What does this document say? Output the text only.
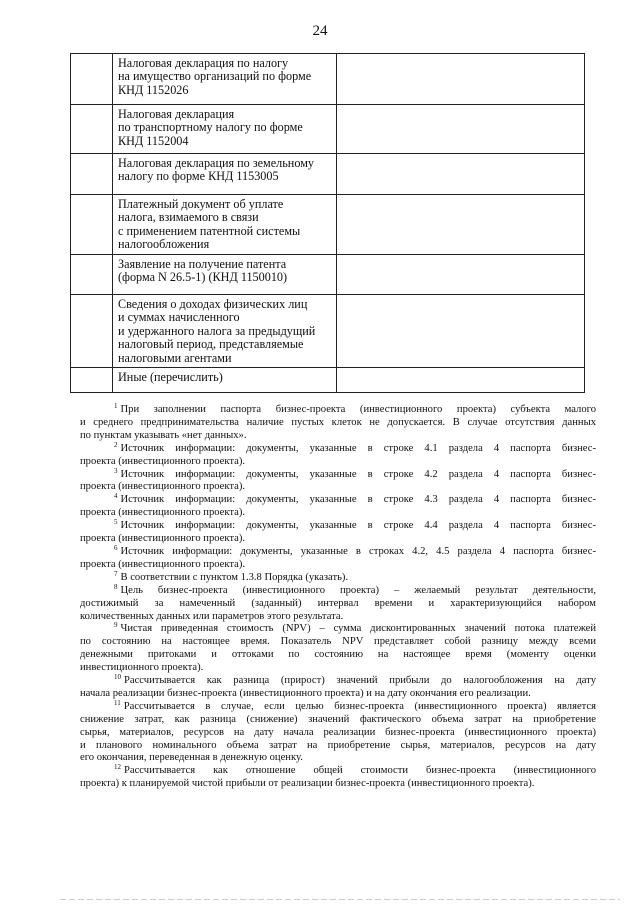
24

	Налоговая декларация по налогу
на имущество организаций по форме
КНД 1152026	

	Налоговая декларация
по транспортному налогу по форме
КНД 1152004	

	Налоговая декларация по земельному
налогу по форме КНД 1153005	

	Платежный документ об уплате
налога, взимаемого в связи
с применением патентной системы
налогообложения	

	Заявление на получение патента
(форма N 26.5-1) (КНД 1150010)	

	Сведения о доходах физических лиц
и суммах начисленного
и удержанного налога за предыдущий
налоговый период, представляемые
налоговыми агентами	

	Иные (перечислить)	

$^1$ При заполнении паспорта бизнес-проекта (инвестиционного проекта) субъекта малого
и среднего предпринимательства наличие пустых клеток не допускается. В случае отсутствия данных
по пунктам указывать «нет данных».
$^2$ Источник информации: документы, указанные в строке 4.1 раздела 4 паспорта бизнес-
проекта (инвестиционного проекта).
$^3$ Источник информации: документы, указанные в строке 4.2 раздела 4 паспорта бизнес-
проекта (инвестиционного проекта).
$^4$ Источник информации: документы, указанные в строке 4.3 раздела 4 паспорта бизнес-
проекта (инвестиционного проекта).
$^5$ Источник информации: документы, указанные в строке 4.4 раздела 4 паспорта бизнес-
проекта (инвестиционного проекта).
$^6$ Источник информации: документы, указанные в строках 4.2, 4.5 раздела 4 паспорта бизнес-
проекта (инвестиционного проекта).
$^7$ В соответствии с пунктом 1.3.8 Порядка (указать).
$^8$ Цель бизнес-проекта (инвестиционного проекта) – желаемый результат деятельности,
достижимый за намеченный (заданный) интервал времени и характеризующийся набором
количественных данных или параметров этого результата.
$^9$ Чистая приведенная стоимость (NPV) – сумма дисконтированных значений потока платежей
по состоянию на настоящее время. Показатель NPV представляет собой разницу между всеми
денежными притоками и оттоками по состоянию на настоящее время (моменту оценки
инвестиционного проекта).
$^{10}$ Рассчитывается как разница (прирост) значений прибыли до налогообложения на дату
начала реализации бизнес-проекта (инвестиционного проекта) и на дату окончания его реализации.
$^{11}$ Рассчитывается в случае, если целью бизнес-проекта (инвестиционного проекта) является
снижение затрат, как разница (снижение) значений фактического объема затрат на приобретение
сырья, материалов, ресурсов на дату начала реализации бизнес-проекта (инвестиционного проекта)
и планового номинального объема затрат на приобретение сырья, материалов, ресурсов на дату
его окончания, переведенная в денежную оценку.
$^{12}$ Рассчитывается как отношение общей стоимости бизнес-проекта (инвестиционного
проекта) к планируемой чистой прибыли от реализации бизнес-проекта (инвестиционного проекта).
